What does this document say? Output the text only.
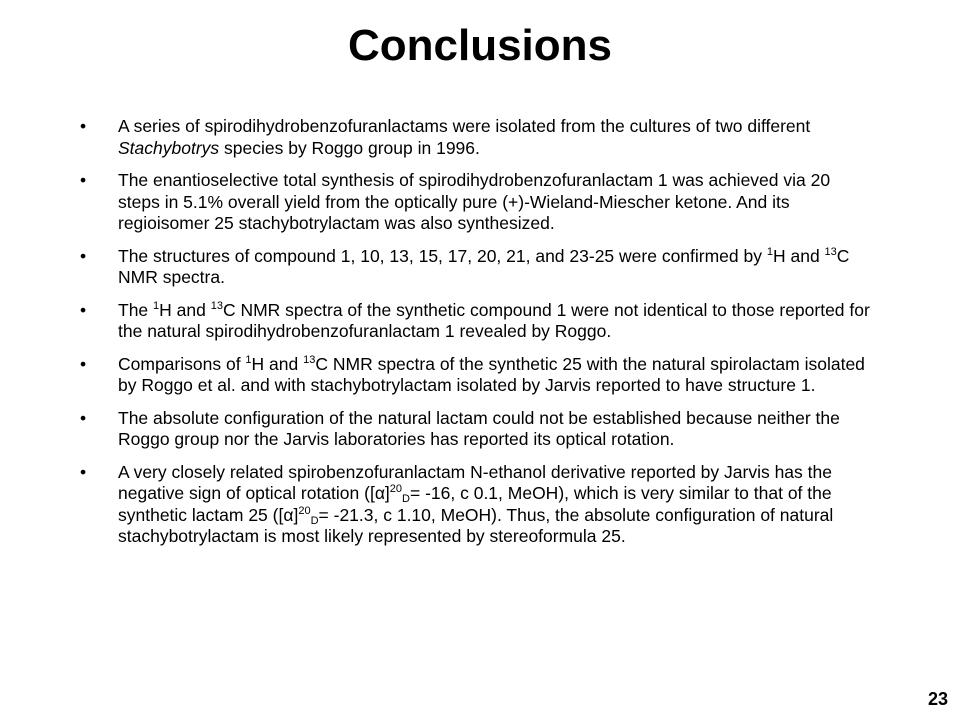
Conclusions
• A series of spirodihydrobenzofuranlactams were isolated from the cultures of two different Stachybotrys species by Roggo group in 1996.
• The enantioselective total synthesis of spirodihydrobenzofuranlactam 1 was achieved via 20 steps in 5.1% overall yield from the optically pure (+)-Wieland-Miescher ketone. And its regioisomer 25 stachybotrylactam was also synthesized.
• The structures of compound 1, 10, 13, 15, 17, 20, 21, and 23-25 were confirmed by $^1$H and $^{13}$C NMR spectra.
• The $^1$H and $^{13}$C NMR spectra of the synthetic compound 1 were not identical to those reported for the natural spirodihydrobenzofuranlactam 1 revealed by Roggo.
• Comparisons of $^1$H and $^{13}$C NMR spectra of the synthetic 25 with the natural spirolactam isolated by Roggo et al. and with stachybotrylactam isolated by Jarvis reported to have structure 1.
• The absolute configuration of the natural lactam could not be established because neither the Roggo group nor the Jarvis laboratories has reported its optical rotation.
• A very closely related spirobenzofuranlactam N-ethanol derivative reported by Jarvis has the negative sign of optical rotation ($[\alpha]^{20}_D= -16$, c 0.1, MeOH), which is very similar to that of the synthetic lactam 25 ($[\alpha]^{20}_D= -21.3$, c 1.10, MeOH). Thus, the absolute configuration of natural stachybotrylactam is most likely represented by stereoformula 25.
23
